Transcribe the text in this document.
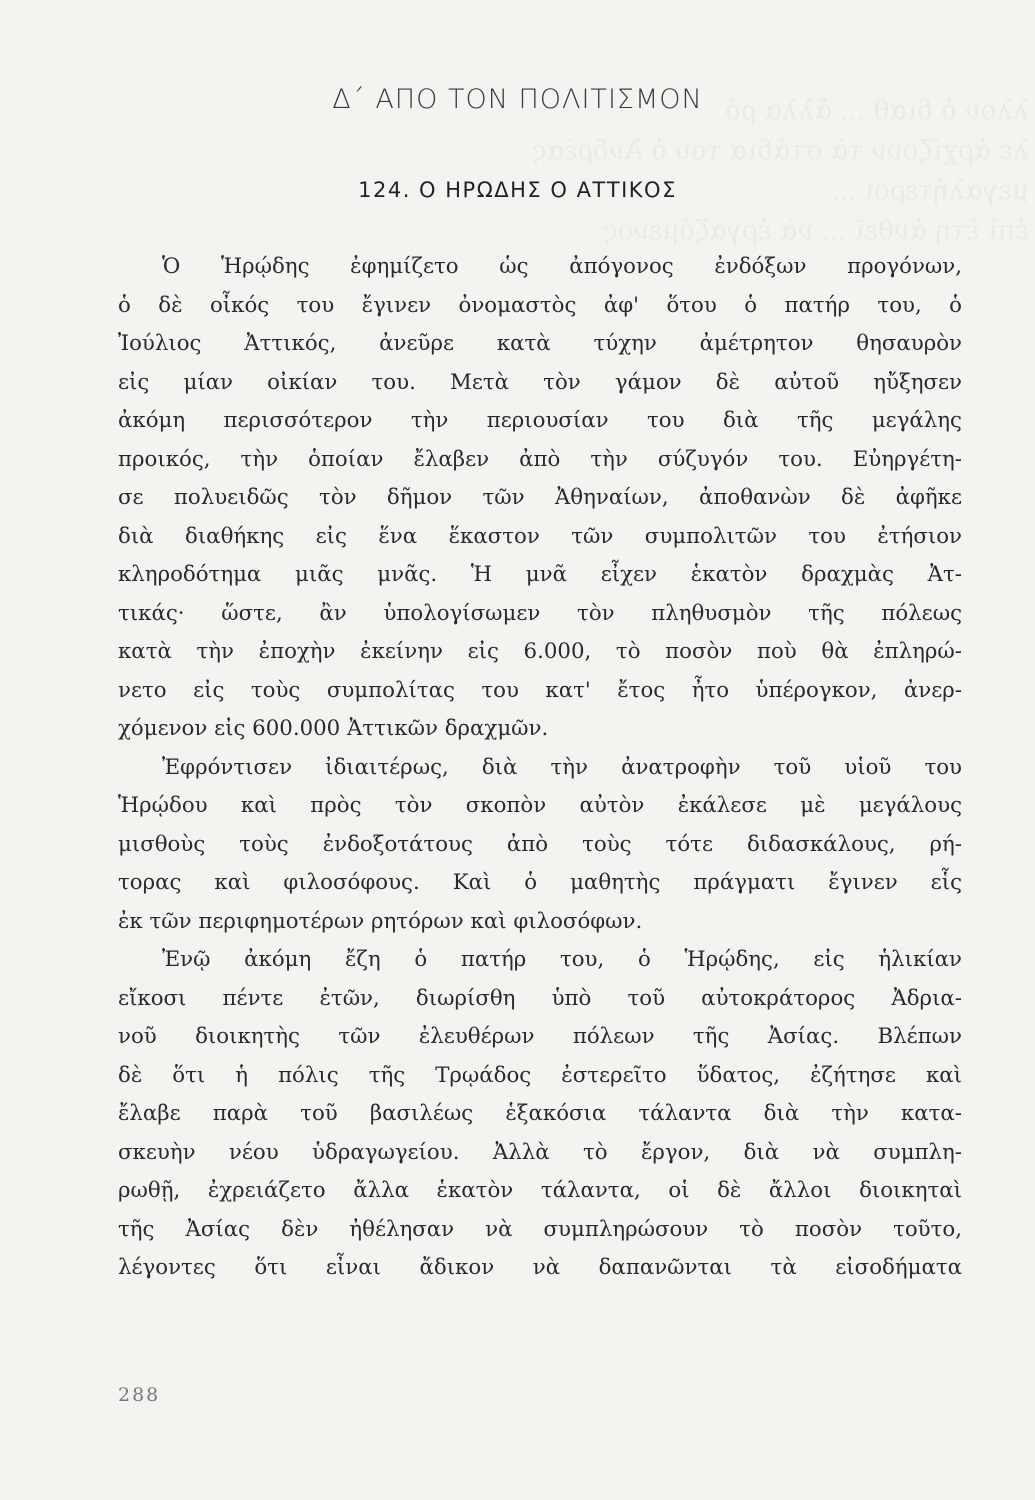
λλον ὁ διαθ ... ἄλλα ρό
λε ἀρχίζουν τὰ στάδια του ὁ Ἀνδρέας
μεγαλήτεροι ...
ἐπὶ ἔτη ἀνθεῖ ... νὰ ἐργαζόμενος
Δ΄ ΑΠΟ ΤΟΝ ΠΟΛΙΤΙΣΜΟΝ
124. Ο ΗΡΩΔΗΣ Ο ΑΤΤΙΚΟΣ
Ὁ Ἡρῴδης ἐφημίζετο ὡς ἀπόγονος ἐνδόξων προγόνων,
ὁ δὲ οἶκός του ἔγινεν ὀνομαστὸς ἀφ' ὅτου ὁ πατήρ του, ὁ
Ἰούλιος Ἀττικός, ἀνεῦρε κατὰ τύχην ἀμέτρητον θησαυρὸν
εἰς μίαν οἰκίαν του. Μετὰ τὸν γάμον δὲ αὐτοῦ ηὔξησεν
ἀκόμη περισσότερον τὴν περιουσίαν του διὰ τῆς μεγάλης
προικός, τὴν ὁποίαν ἔλαβεν ἀπὸ τὴν σύζυγόν του. Εὐηργέτη-
σε πολυειδῶς τὸν δῆμον τῶν Ἀθηναίων, ἀποθανὼν δὲ ἀφῆκε
διὰ διαθήκης εἰς ἕνα ἕκαστον τῶν συμπολιτῶν του ἐτήσιον
κληροδότημα μιᾶς μνᾶς. Ἡ μνᾶ εἶχεν ἑκατὸν δραχμὰς Ἀτ-
τικάς· ὥστε, ἂν ὑπολογίσωμεν τὸν πληθυσμὸν τῆς πόλεως
κατὰ τὴν ἐποχὴν ἐκείνην εἰς 6.000, τὸ ποσὸν ποὺ θὰ ἐπληρώ-
νετο εἰς τοὺς συμπολίτας του κατ' ἔτος ἦτο ὑπέρογκον, ἀνερ-
χόμενον εἰς 600.000 Ἀττικῶν δραχμῶν.
Ἐφρόντισεν ἰδιαιτέρως, διὰ τὴν ἀνατροφὴν τοῦ υἱοῦ του
Ἡρῴδου καὶ πρὸς τὸν σκοπὸν αὐτὸν ἐκάλεσε μὲ μεγάλους
μισθοὺς τοὺς ἐνδοξοτάτους ἀπὸ τοὺς τότε διδασκάλους, ρή-
τορας καὶ φιλοσόφους. Καὶ ὁ μαθητὴς πράγματι ἔγινεν εἷς
ἐκ τῶν περιφημοτέρων ρητόρων καὶ φιλοσόφων.
Ἐνῷ ἀκόμη ἔζη ὁ πατήρ του, ὁ Ἡρῴδης, εἰς ἡλικίαν
εἴκοσι πέντε ἐτῶν, διωρίσθη ὑπὸ τοῦ αὐτοκράτορος Ἀδρια-
νοῦ διοικητὴς τῶν ἐλευθέρων πόλεων τῆς Ἀσίας. Βλέπων
δὲ ὅτι ἡ πόλις τῆς Τρῳάδος ἐστερεῖτο ὕδατος, ἐζήτησε καὶ
ἔλαβε παρὰ τοῦ βασιλέως ἑξακόσια τάλαντα διὰ τὴν κατα-
σκευὴν νέου ὑδραγωγείου. Ἀλλὰ τὸ ἔργον, διὰ νὰ συμπλη-
ρωθῇ, ἐχρειάζετο ἄλλα ἑκατὸν τάλαντα, οἱ δὲ ἄλλοι διοικηταὶ
τῆς Ἀσίας δὲν ἠθέλησαν νὰ συμπληρώσουν τὸ ποσὸν τοῦτο,
λέγοντες ὅτι εἶναι ἄδικον νὰ δαπανῶνται τὰ εἰσοδήματα
288
